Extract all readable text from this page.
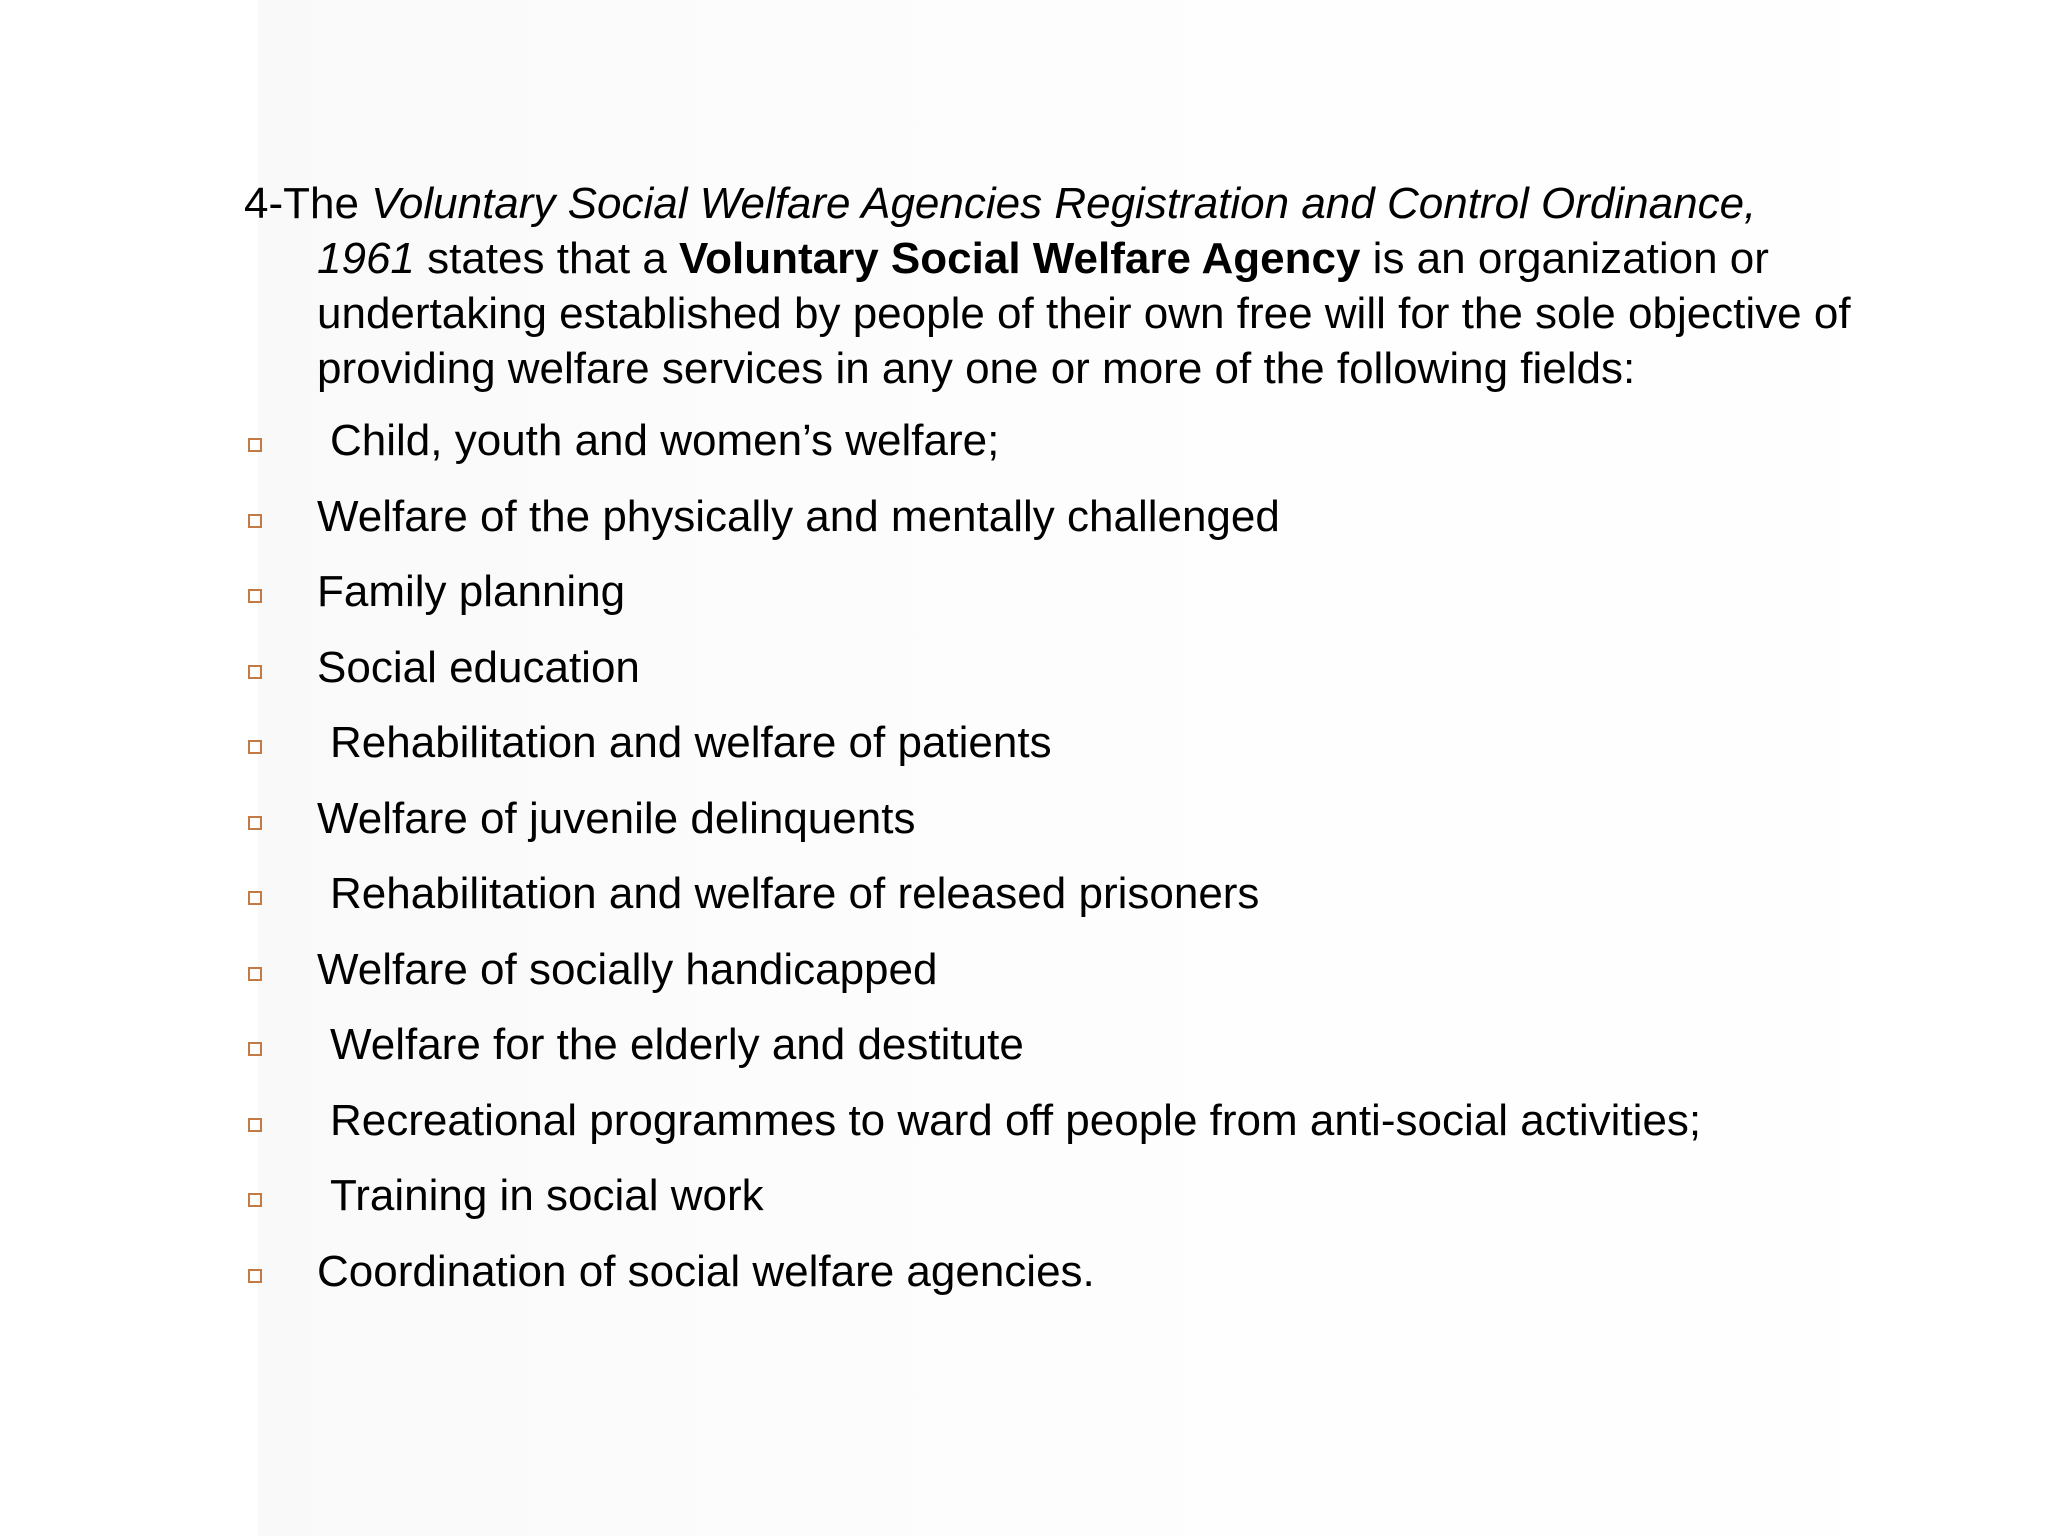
4-The Voluntary Social Welfare Agencies Registration and Control Ordinance,
1961 states that a Voluntary Social Welfare Agency is an organization or
undertaking established by people of their own free will for the sole objective of
providing welfare services in any one or more of the following fields:
Child, youth and women’s welfare;
Welfare of the physically and mentally challenged
Family planning
Social education
Rehabilitation and welfare of patients
Welfare of juvenile delinquents
Rehabilitation and welfare of released prisoners
Welfare of socially handicapped
Welfare for the elderly and destitute
Recreational programmes to ward off people from anti-social activities;
Training in social work
Coordination of social welfare agencies.
